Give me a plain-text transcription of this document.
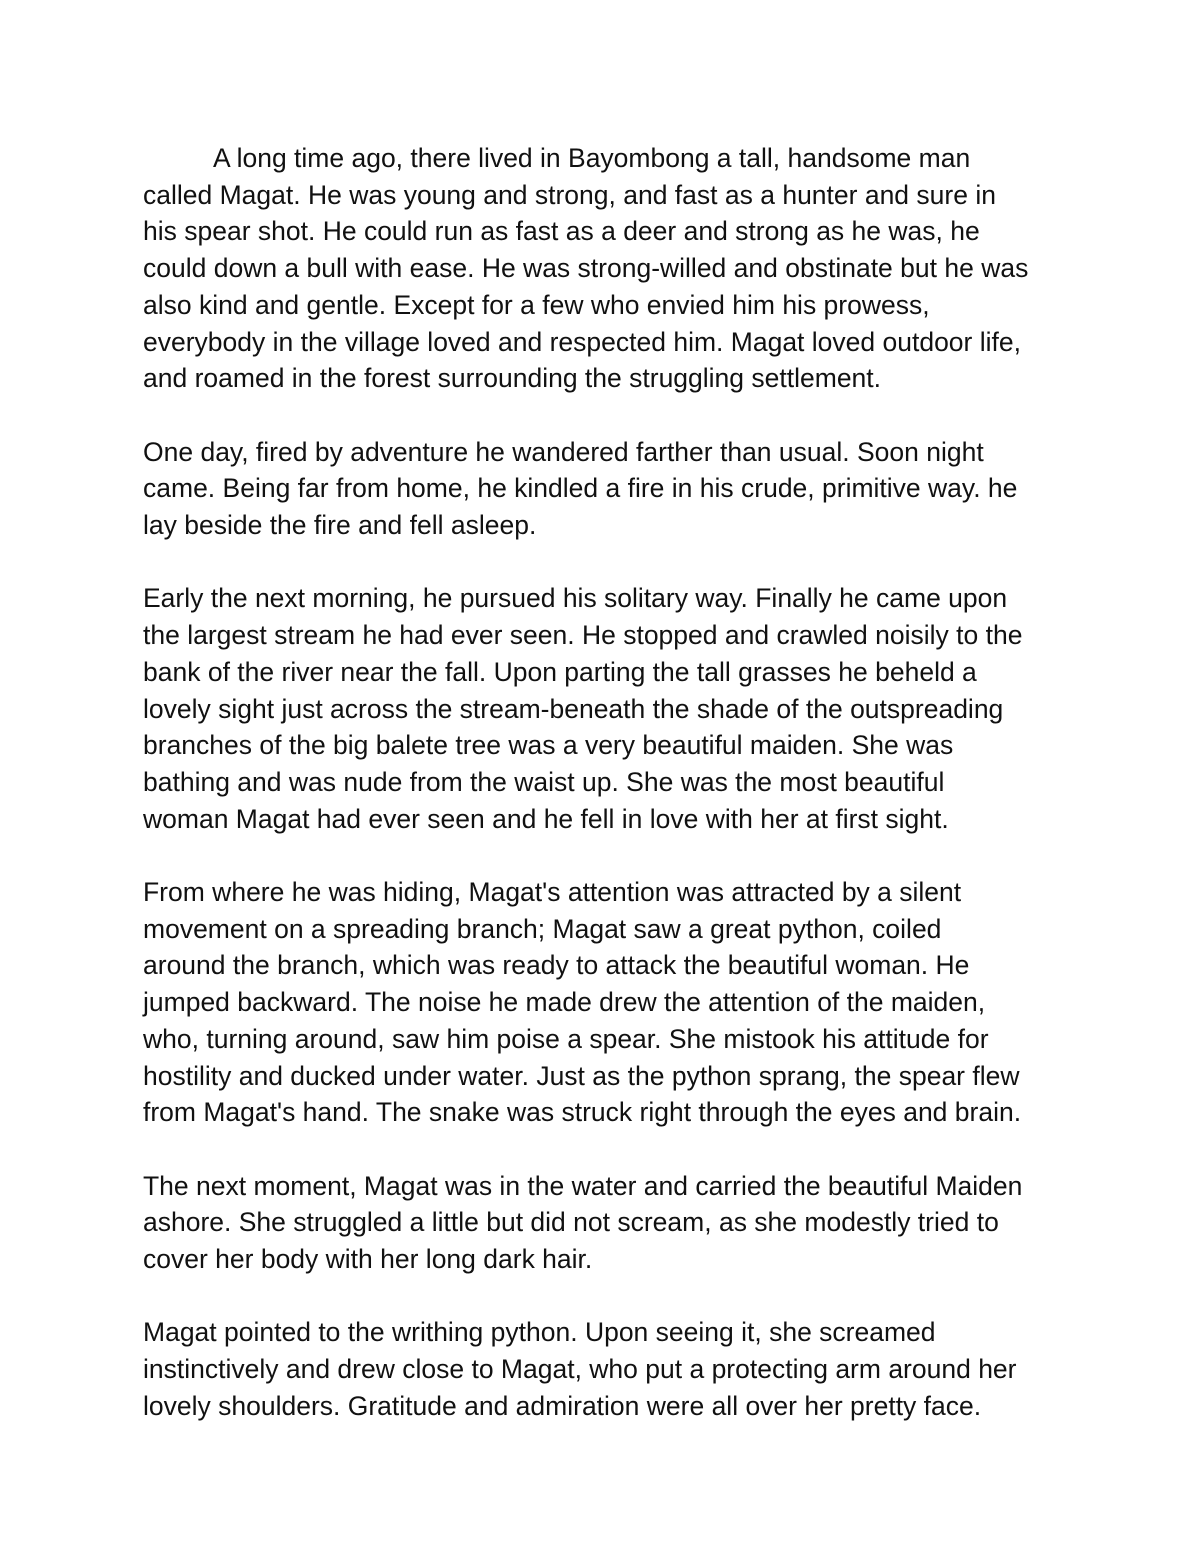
A long time ago, there lived in Bayombong a tall, handsome man
called Magat. He was young and strong, and fast as a hunter and sure in
his spear shot. He could run as fast as a deer and strong as he was, he
could down a bull with ease. He was strong-willed and obstinate but he was
also kind and gentle. Except for a few who envied him his prowess,
everybody in the village loved and respected him. Magat loved outdoor life,
and roamed in the forest surrounding the struggling settlement.
One day, fired by adventure he wandered farther than usual. Soon night
came. Being far from home, he kindled a fire in his crude, primitive way. he
lay beside the fire and fell asleep.
Early the next morning, he pursued his solitary way. Finally he came upon
the largest stream he had ever seen. He stopped and crawled noisily to the
bank of the river near the fall. Upon parting the tall grasses he beheld a
lovely sight just across the stream-beneath the shade of the outspreading
branches of the big balete tree was a very beautiful maiden. She was
bathing and was nude from the waist up. She was the most beautiful
woman Magat had ever seen and he fell in love with her at first sight.
From where he was hiding, Magat's attention was attracted by a silent
movement on a spreading branch; Magat saw a great python, coiled
around the branch, which was ready to attack the beautiful woman. He
jumped backward. The noise he made drew the attention of the maiden,
who, turning around, saw him poise a spear. She mistook his attitude for
hostility and ducked under water. Just as the python sprang, the spear flew
from Magat's hand. The snake was struck right through the eyes and brain.
The next moment, Magat was in the water and carried the beautiful Maiden
ashore. She struggled a little but did not scream, as she modestly tried to
cover her body with her long dark hair.
Magat pointed to the writhing python. Upon seeing it, she screamed
instinctively and drew close to Magat, who put a protecting arm around her
lovely shoulders. Gratitude and admiration were all over her pretty face.
